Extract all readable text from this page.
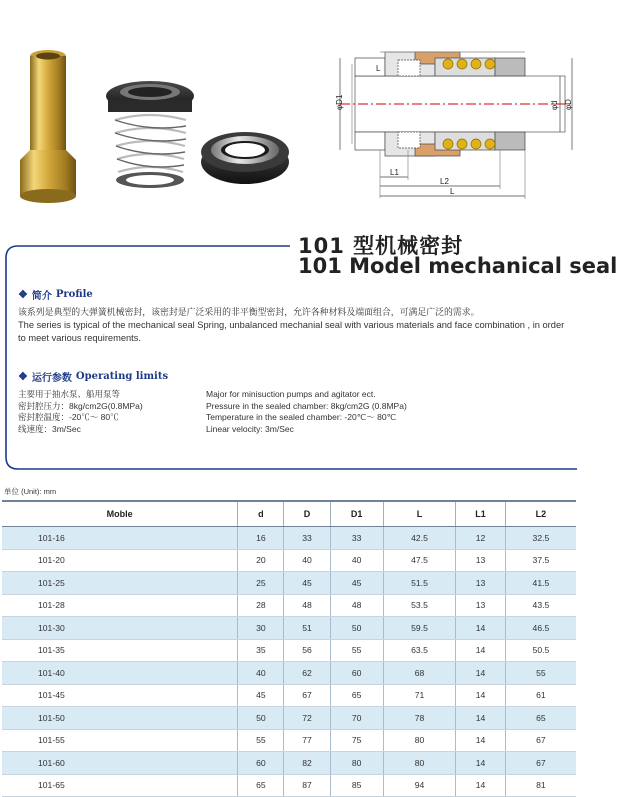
φD1
L
φd φD
L1
L2
L
101 型机械密封
101 Model mechanical seal
❖ 简介 Profile
该系列是典型的大弹簧机械密封，该密封是广泛采用的非平衡型密封，允许各种材料及端面组合，可满足广泛的需求。
The series is typical of the mechanical seal Spring, unbalanced mechanial seal with various materials and face combination , in order to meet various requirements.
❖ 运行参数 Operating limits
主要用于抽水泵、船用泵等
密封腔压力：8kg/cm2G(0.8MPa)
密封腔温度：-20℃～ 80℃
线速度：3m/Sec
Major for minisuction pumps and agitator ect.
Pressure in the sealed chamber: 8kg/cm2G (0.8MPa)
Temperature in the sealed chamber: -20℃～ 80℃
Linear velocity: 3m/Sec
单位 (Unit): mm
Moble	d	D	D1	L	L1	L2
101-16	16	33	33	42.5	12	32.5
101-20	20	40	40	47.5	13	37.5
101-25	25	45	45	51.5	13	41.5
101-28	28	48	48	53.5	13	43.5
101-30	30	51	50	59.5	14	46.5
101-35	35	56	55	63.5	14	50.5
101-40	40	62	60	68	14	55
101-45	45	67	65	71	14	61
101-50	50	72	70	78	14	65
101-55	55	77	75	80	14	67
101-60	60	82	80	80	14	67
101-65	65	87	85	94	14	81
